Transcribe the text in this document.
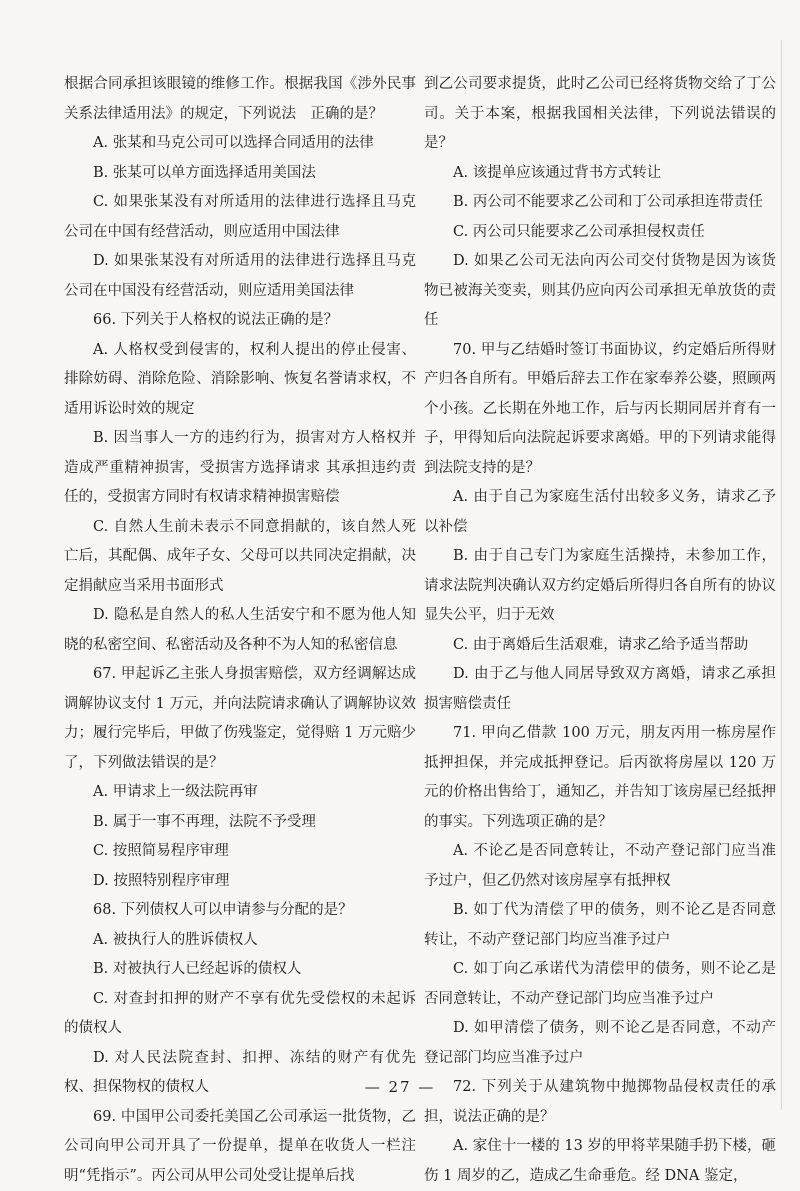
根据合同承担该眼镜的维修工作。根据我国《涉外民事关系法律适用法》的规定，下列说法　正确的是？

A. 张某和马克公司可以选择合同适用的法律

B. 张某可以单方面选择适用美国法

C. 如果张某没有对所适用的法律进行选择且马克公司在中国有经营活动，则应适用中国法律

D. 如果张某没有对所适用的法律进行选择且马克公司在中国没有经营活动，则应适用美国法律

66. 下列关于人格权的说法正确的是？

A. 人格权受到侵害的，权利人提出的停止侵害、排除妨碍、消除危险、消除影响、恢复名誉请求权，不适用诉讼时效的规定

B. 因当事人一方的违约行为，损害对方人格权并造成严重精神损害，受损害方选择请求 其承担违约责任的，受损害方同时有权请求精神损害赔偿

C. 自然人生前未表示不同意捐献的，该自然人死亡后，其配偶、成年子女、父母可以共同决定捐献，决定捐献应当采用书面形式

D. 隐私是自然人的私人生活安宁和不愿为他人知晓的私密空间、私密活动及各种不为人知的私密信息

67. 甲起诉乙主张人身损害赔偿，双方经调解达成调解协议支付 1 万元，并向法院请求确认了调解协议效力；履行完毕后，甲做了伤残鉴定，觉得赔 1 万元赔少了，下列做法错误的是？

A. 甲请求上一级法院再审

B. 属于一事不再理，法院不予受理

C. 按照简易程序审理

D. 按照特别程序审理

68. 下列债权人可以申请参与分配的是？

A. 被执行人的胜诉债权人

B. 对被执行人已经起诉的债权人

C. 对查封扣押的财产不享有优先受偿权的未起诉的债权人

D. 对人民法院查封、扣押、冻结的财产有优先权、担保物权的债权人

69. 中国甲公司委托美国乙公司承运一批货物，乙公司向甲公司开具了一份提单，提单在收货人一栏注明“凭指示”。丙公司从甲公司处受让提单后找

到乙公司要求提货，此时乙公司已经将货物交给了丁公司。关于本案，根据我国相关法律，下列说法错误的是？

A. 该提单应该通过背书方式转让

B. 丙公司不能要求乙公司和丁公司承担连带责任

C. 丙公司只能要求乙公司承担侵权责任

D. 如果乙公司无法向丙公司交付货物是因为该货物已被海关变卖，则其仍应向丙公司承担无单放货的责任

70. 甲与乙结婚时签订书面协议，约定婚后所得财产归各自所有。甲婚后辞去工作在家奉养公婆，照顾两个小孩。乙长期在外地工作，后与丙长期同居并育有一子，甲得知后向法院起诉要求离婚。甲的下列请求能得到法院支持的是？

A. 由于自己为家庭生活付出较多义务，请求乙予以补偿

B. 由于自己专门为家庭生活操持，未参加工作，请求法院判决确认双方约定婚后所得归各自所有的协议显失公平，归于无效

C. 由于离婚后生活艰难，请求乙给予适当帮助

D. 由于乙与他人同居导致双方离婚，请求乙承担损害赔偿责任

71. 甲向乙借款 100 万元，朋友丙用一栋房屋作抵押担保，并完成抵押登记。后丙欲将房屋以 120 万元的价格出售给丁，通知乙，并告知丁该房屋已经抵押的事实。下列选项正确的是？

A. 不论乙是否同意转让，不动产登记部门应当准予过户，但乙仍然对该房屋享有抵押权

B. 如丁代为清偿了甲的债务，则不论乙是否同意转让，不动产登记部门均应当准予过户

C. 如丁向乙承诺代为清偿甲的债务，则不论乙是否同意转让，不动产登记部门均应当准予过户

D. 如甲清偿了债务，则不论乙是否同意，不动产登记部门均应当准予过户

72. 下列关于从建筑物中抛掷物品侵权责任的承担，说法正确的是？

A. 家住十一楼的 13 岁的甲将苹果随手扔下楼，砸伤 1 周岁的乙，造成乙生命垂危。经 DNA 鉴定，

— 27 —
